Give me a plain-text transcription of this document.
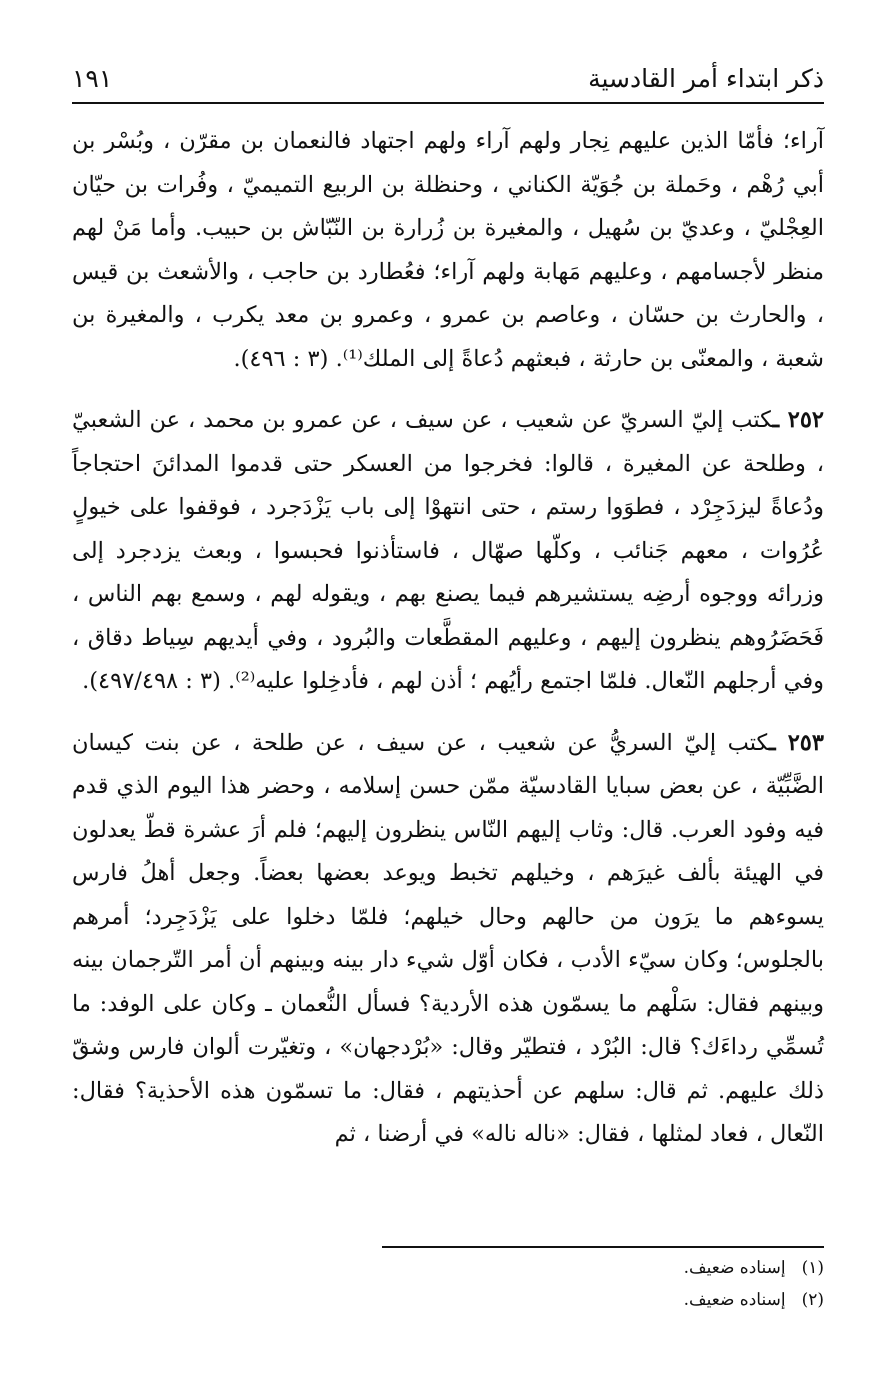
ذكر ابتداء أمر القادسية
١٩١

آراء؛ فأمّا الذين عليهم نِجار ولهم آراء ولهم اجتهاد فالنعمان بن مقرّن ، وبُسْر بن أبي رُهْم ، وحَملة بن جُوَيّة الكناني ، وحنظلة بن الربيع التميميّ ، وفُرات بن حيّان العِجْليّ ، وعديّ بن سُهيل ، والمغيرة بن زُرارة بن النّبّاش بن حبيب. وأما مَنْ لهم منظر لأجسامهم ، وعليهم مَهابة ولهم آراء؛ فعُطارد بن حاجب ، والأشعث بن قيس ، والحارث بن حسّان ، وعاصم بن عمرو ، وعمرو بن معد يكرب ، والمغيرة بن شعبة ، والمعنّى بن حارثة ، فبعثهم دُعاةً إلى الملك⁽¹⁾. (٣ : ٤٩٦).

٢٥٢ ـكتب إليّ السريّ عن شعيب ، عن سيف ، عن عمرو بن محمد ، عن الشعبيّ ، وطلحة عن المغيرة ، قالوا: فخرجوا من العسكر حتى قدموا المدائنَ احتجاجاً ودُعاةً ليزدَجِرْد ، فطوَوا رستم ، حتى انتهوْا إلى باب يَزْدَجرد ، فوقفوا على خيولٍ عُرُوات ، معهم جَنائب ، وكلّها صهّال ، فاستأذنوا فحبسوا ، وبعث يزدجرد إلى وزرائه ووجوه أرضِه يستشيرهم فيما يصنع بهم ، ويقوله لهم ، وسمع بهم الناس ، فَحَضَرُوهم ينظرون إليهم ، وعليهم المقطَّعات والبُرود ، وفي أيديهم سِياط دقاق ، وفي أرجلهم النّعال. فلمّا اجتمع رأيُهم ؛ أذن لهم ، فأدخِلوا عليه⁽²⁾. (٣ : ٤٩٧/٤٩٨).

٢٥٣ ـكتب إليّ السريُّ عن شعيب ، عن سيف ، عن طلحة ، عن بنت كيسان الضَّبِّيّة ، عن بعض سبايا القادسيّة ممّن حسن إسلامه ، وحضر هذا اليوم الذي قدم فيه وفود العرب. قال: وثاب إليهم النّاس ينظرون إليهم؛ فلم أرَ عشرة قطّ يعدلون في الهيئة بألف غيرَهم ، وخيلهم تخبط ويوعد بعضها بعضاً. وجعل أهلُ فارس يسوءهم ما يرَون من حالهم وحال خيلهم؛ فلمّا دخلوا على يَزْدَجِرد؛ أمرهم بالجلوس؛ وكان سيّء الأدب ، فكان أوّل شيء دار بينه وبينهم أن أمر التّرجمان بينه وبينهم فقال: سَلْهم ما يسمّون هذه الأردية؟ فسأل النُّعمان ـ وكان على الوفد: ما تُسمِّي رداءَك؟ قال: البُرْد ، فتطيّر وقال: «بُرْدجهان» ، وتغيّرت ألوان فارس وشقّ ذلك عليهم. ثم قال: سلهم عن أحذيتهم ، فقال: ما تسمّون هذه الأحذية؟ فقال: النّعال ، فعاد لمثلها ، فقال: «ناله ناله» في أرضنا ، ثم

(١)
إسناده ضعيف.
(٢)
إسناده ضعيف.
